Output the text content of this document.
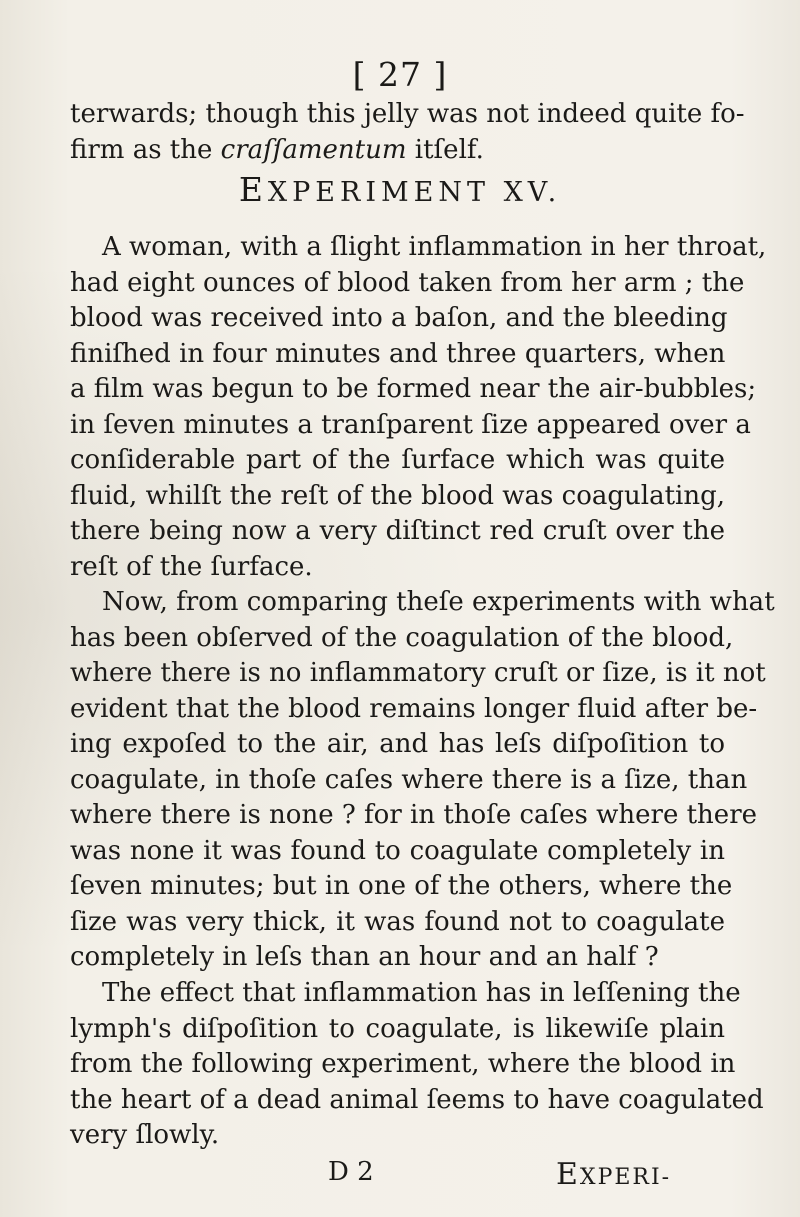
[ 27 ]
terwards; though this jelly was not indeed quite fo-
firm as the craſſamentum itſelf.
EXPERIMENT XV.
A woman, with a ſlight inflammation in her throat,
had eight ounces of blood taken from her arm ; the
blood was received into a baſon, and the bleeding
finiſhed in four minutes and three quarters, when
a film was begun to be formed near the air-bubbles;
in ſeven minutes a tranſparent ſize appeared over a
conſiderable part of the ſurface which was quite
fluid, whilſt the reſt of the blood was coagulating,
there being now a very diſtinct red cruſt over the
reſt of the ſurface.
Now, from comparing theſe experiments with what
has been obſerved of the coagulation of the blood,
where there is no inflammatory cruſt or ſize, is it not
evident that the blood remains longer fluid after be-
ing expoſed to the air, and has leſs diſpoſition to
coagulate, in thoſe caſes where there is a ſize, than
where there is none ? for in thoſe caſes where there
was none it was found to coagulate completely in
ſeven minutes; but in one of the others, where the
ſize was very thick, it was found not to coagulate
completely in leſs than an hour and an half ?
The effect that inflammation has in leſſening the
lymph's diſpoſition to coagulate, is likewiſe plain
from the following experiment, where the blood in
the heart of a dead animal ſeems to have coagulated
very ſlowly.
D 2	EXPERI-
